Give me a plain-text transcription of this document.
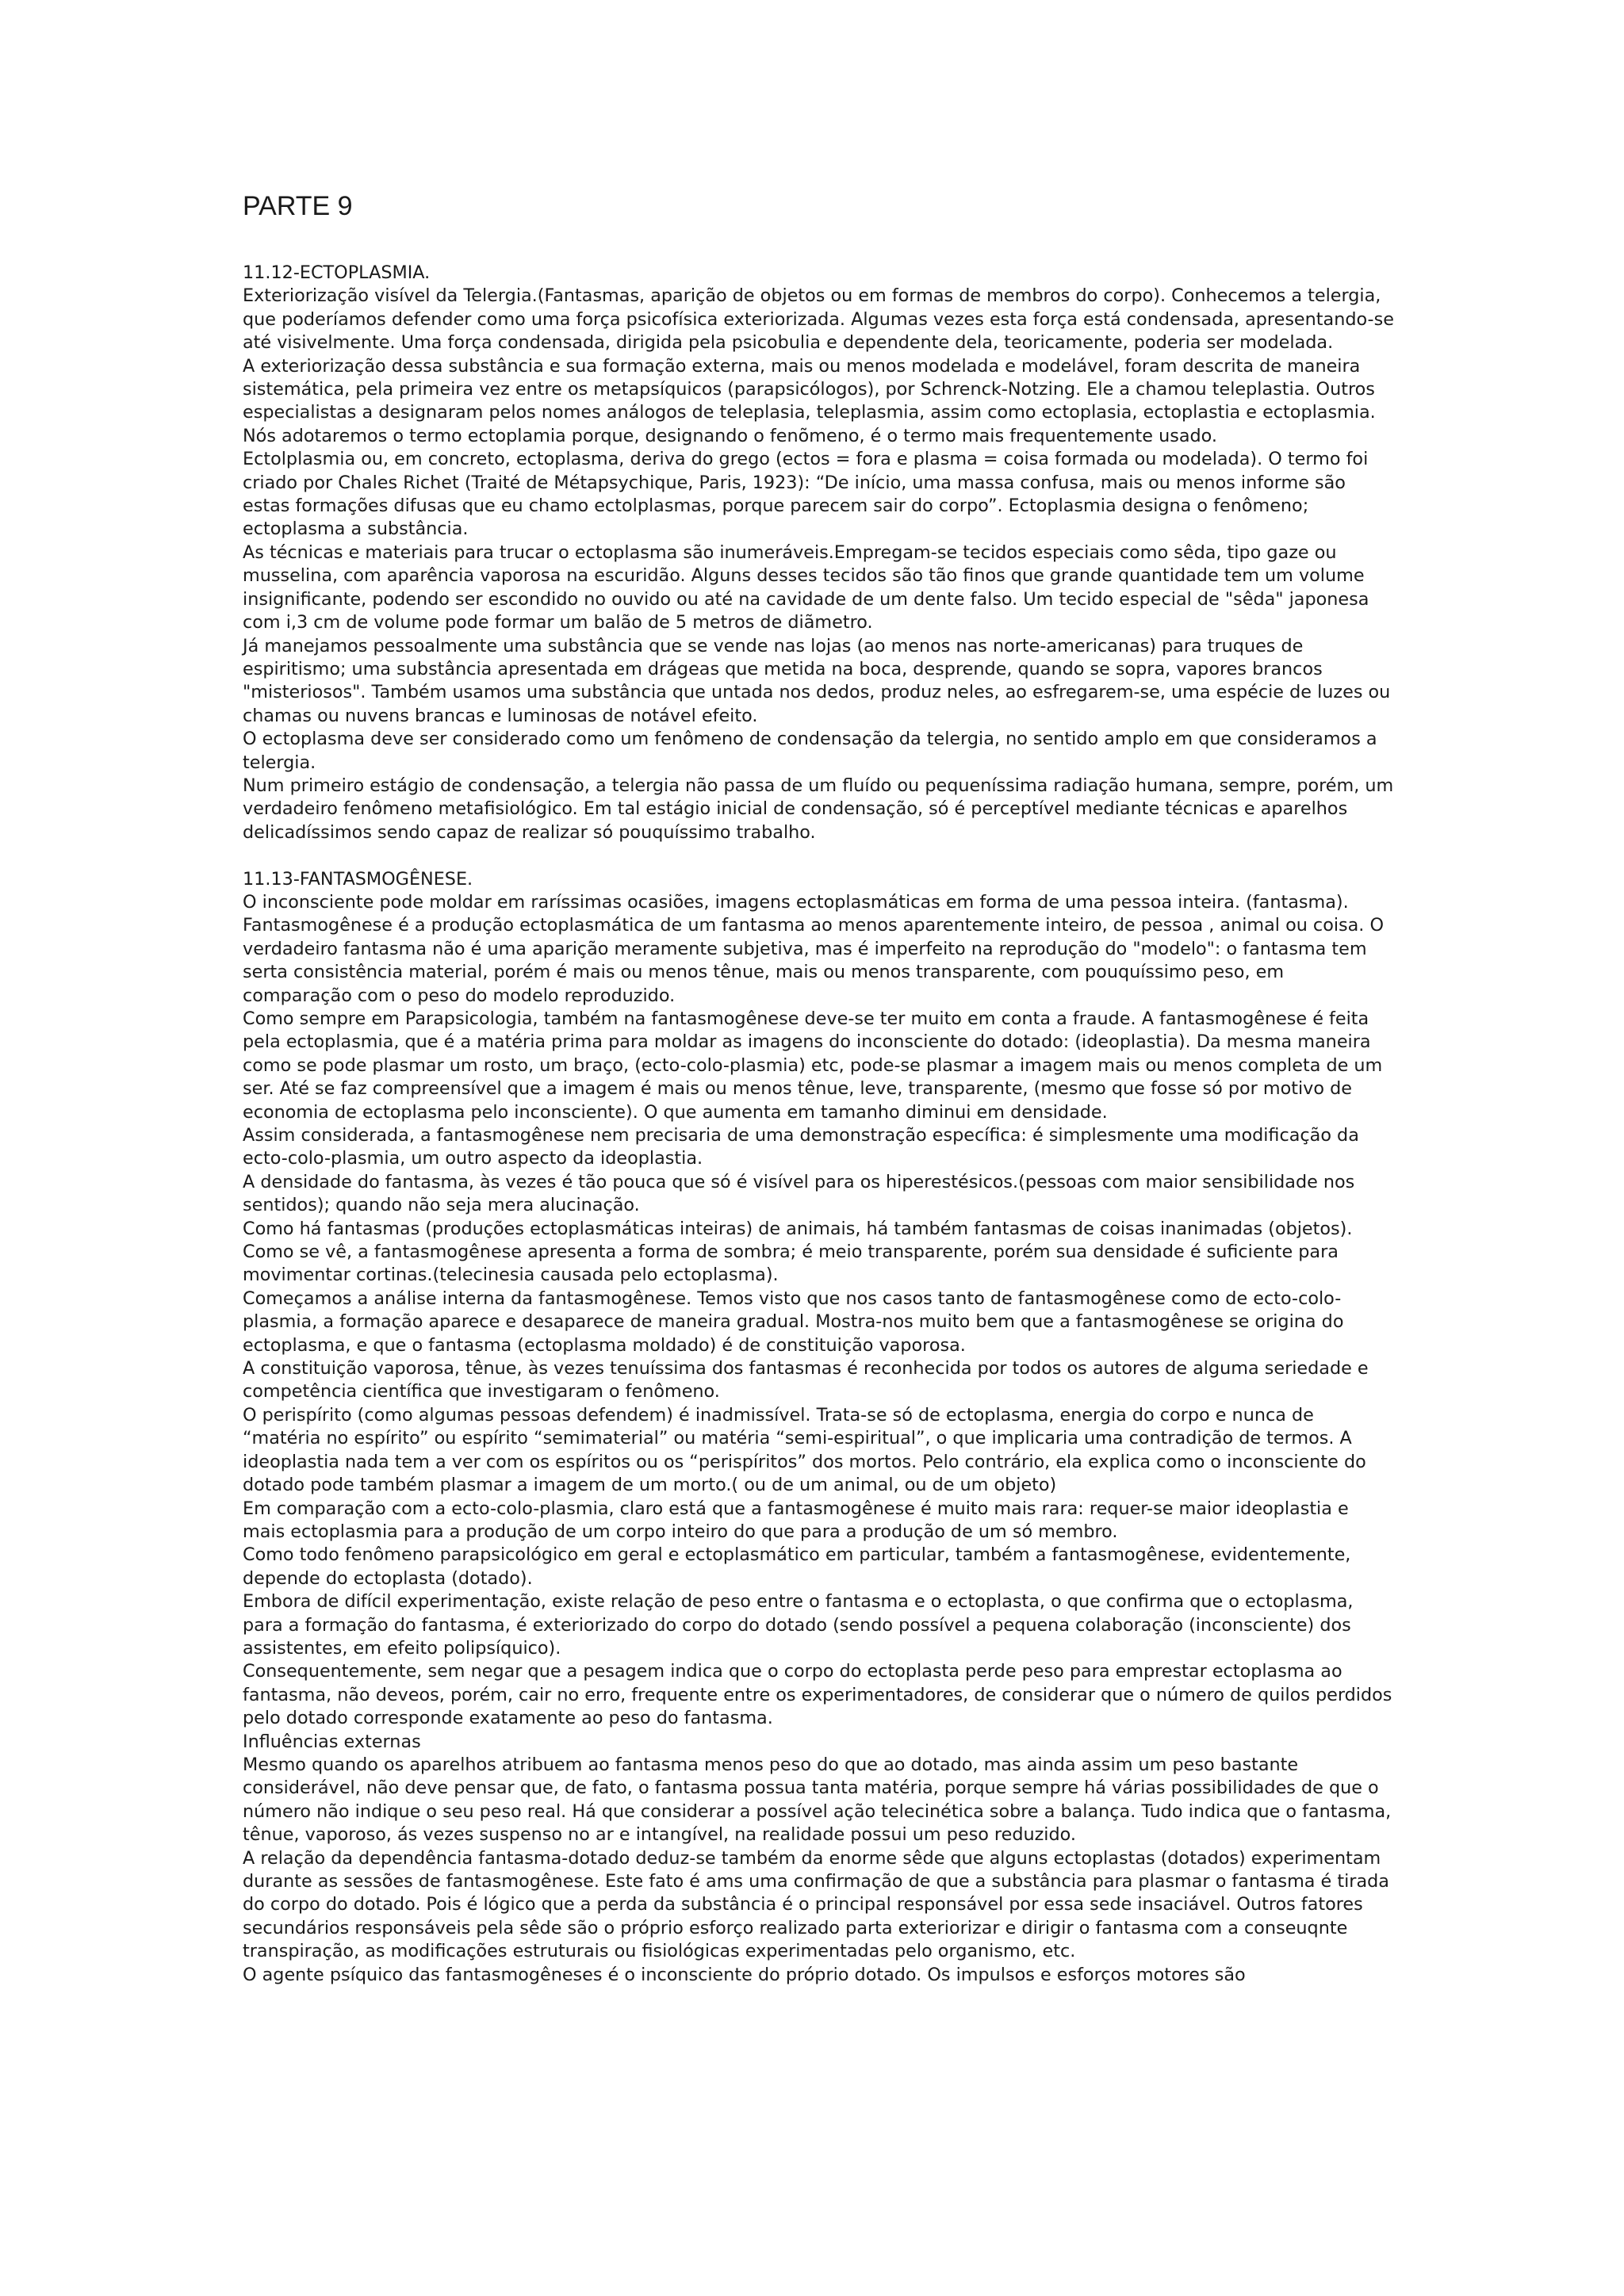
PARTE 9

11.12-ECTOPLASMIA.

Exteriorização visível da Telergia.(Fantasmas, aparição de objetos ou em formas de membros do corpo). Conhecemos a telergia, que poderíamos defender como uma força psicofísica exteriorizada. Algumas vezes esta força está condensada, apresentando-se até visivelmente. Uma força condensada, dirigida pela psicobulia e dependente dela, teoricamente, poderia ser modelada.

A exteriorização dessa substância e sua formação externa, mais ou menos modelada e modelável, foram descrita de maneira sistemática, pela primeira vez entre os metapsíquicos (parapsicólogos), por Schrenck-Notzing. Ele a chamou teleplastia. Outros especialistas a designaram pelos nomes análogos de teleplasia, teleplasmia, assim como ectoplasia, ectoplastia e ectoplasmia. Nós adotaremos o termo ectoplamia porque, designando o fenõmeno, é o termo mais frequentemente usado.

Ectolplasmia ou, em concreto, ectoplasma, deriva do grego (ectos = fora e plasma = coisa formada ou modelada). O termo foi criado por Chales Richet (Traité de Métapsychique, Paris, 1923): “De início, uma massa confusa, mais ou menos informe são estas formações difusas que eu chamo ectolplasmas, porque parecem sair do corpo”. Ectoplasmia designa o fenômeno; ectoplasma a substância.

As técnicas e materiais para trucar o ectoplasma são inumeráveis.Empregam-se tecidos especiais como sêda, tipo gaze ou musselina, com aparência vaporosa na escuridão. Alguns desses tecidos são tão finos que grande quantidade tem um volume insignificante, podendo ser escondido no ouvido ou até na cavidade de um dente falso. Um tecido especial de "sêda" japonesa com i,3 cm de volume pode formar um balão de 5 metros de diãmetro.

Já manejamos pessoalmente uma substância que se vende nas lojas (ao menos nas norte-americanas) para truques de espiritismo; uma substância apresentada em drágeas que metida na boca, desprende, quando se sopra, vapores brancos "misteriosos". Também usamos uma substância que untada nos dedos, produz neles, ao esfregarem-se, uma espécie de luzes ou chamas ou nuvens brancas e luminosas de notável efeito.

O ectoplasma deve ser considerado como um fenômeno de condensação da telergia, no sentido amplo em que consideramos a telergia.

Num primeiro estágio de condensação, a telergia não passa de um fluído ou pequeníssima radiação humana, sempre, porém, um verdadeiro fenômeno metafisiológico. Em tal estágio inicial de condensação, só é perceptível mediante técnicas e aparelhos delicadíssimos sendo capaz de realizar só pouquíssimo trabalho.

11.13-FANTASMOGÊNESE.

O inconsciente pode moldar em raríssimas ocasiões, imagens ectoplasmáticas em forma de uma pessoa inteira. (fantasma). Fantasmogênese é a produção ectoplasmática de um fantasma ao menos aparentemente inteiro, de pessoa , animal ou coisa. O verdadeiro fantasma não é uma aparição meramente subjetiva, mas é imperfeito na reprodução do "modelo": o fantasma tem serta consistência material, porém é mais ou menos tênue, mais ou menos transparente, com pouquíssimo peso, em comparação com o peso do modelo reproduzido.

Como sempre em Parapsicologia, também na fantasmogênese deve-se ter muito em conta a fraude. A fantasmogênese é feita pela ectoplasmia, que é a matéria prima para moldar as imagens do inconsciente do dotado: (ideoplastia). Da mesma maneira como se pode plasmar um rosto, um braço, (ecto-colo-plasmia) etc, pode-se plasmar a imagem mais ou menos completa de um ser. Até se faz compreensível que a imagem é mais ou menos tênue, leve, transparente, (mesmo que fosse só por motivo de economia de ectoplasma pelo inconsciente). O que aumenta em tamanho diminui em densidade.

Assim considerada, a fantasmogênese nem precisaria de uma demonstração específica: é simplesmente uma modificação da ecto-colo-plasmia, um outro aspecto da ideoplastia.

A densidade do fantasma, às vezes é tão pouca que só é visível para os hiperestésicos.(pessoas com maior sensibilidade nos sentidos); quando não seja mera alucinação.

Como há fantasmas (produções ectoplasmáticas inteiras) de animais, há também fantasmas de coisas inanimadas (objetos).

Como se vê, a fantasmogênese apresenta a forma de sombra; é meio transparente, porém sua densidade é suficiente para movimentar cortinas.(telecinesia causada pelo ectoplasma).

Começamos a análise interna da fantasmogênese. Temos visto que nos casos tanto de fantasmogênese como de ecto-colo-plasmia, a formação aparece e desaparece de maneira gradual. Mostra-nos muito bem que a fantasmogênese se origina do ectoplasma, e que o fantasma (ectoplasma moldado) é de constituição vaporosa.

A constituição vaporosa, tênue, às vezes tenuíssima dos fantasmas é reconhecida por todos os autores de alguma seriedade e competência científica que investigaram o fenômeno.

O perispírito (como algumas pessoas defendem) é inadmissível. Trata-se só de ectoplasma, energia do corpo e nunca de “matéria no espírito” ou espírito “semimaterial” ou matéria “semi-espiritual”, o que implicaria uma contradição de termos. A ideoplastia nada tem a ver com os espíritos ou os “perispíritos” dos mortos. Pelo contrário, ela explica como o inconsciente do dotado pode também plasmar a imagem de um morto.( ou de um animal, ou de um objeto)

Em comparação com a ecto-colo-plasmia, claro está que a fantasmogênese é muito mais rara: requer-se maior ideoplastia e mais ectoplasmia para a produção de um corpo inteiro do que para a produção de um só membro.

Como todo fenômeno parapsicológico em geral e ectoplasmático em particular, também a fantasmogênese, evidentemente, depende do ectoplasta (dotado).

Embora de difícil experimentação, existe relação de peso entre o fantasma e o ectoplasta, o que confirma que o ectoplasma, para a formação do fantasma, é exteriorizado do corpo do dotado (sendo possível a pequena colaboração (inconsciente) dos assistentes, em efeito polipsíquico).

Consequentemente, sem negar que a pesagem indica que o corpo do ectoplasta perde peso para emprestar ectoplasma ao fantasma, não deveos, porém, cair no erro, frequente entre os experimentadores, de considerar que o número de quilos perdidos pelo dotado corresponde exatamente ao peso do fantasma.

Influências externas

Mesmo quando os aparelhos atribuem ao fantasma menos peso do que ao dotado, mas ainda assim um peso bastante considerável, não deve pensar que, de fato, o fantasma possua tanta matéria, porque sempre há várias possibilidades de que o número não indique o seu peso real. Há que considerar a possível ação telecinética sobre a balança. Tudo indica que o fantasma, tênue, vaporoso, ás vezes suspenso no ar e intangível, na realidade possui um peso reduzido.

A relação da dependência fantasma-dotado deduz-se também da enorme sêde que alguns ectoplastas (dotados) experimentam durante as sessões de fantasmogênese. Este fato é ams uma confirmação de que a substância para plasmar o fantasma é tirada do corpo do dotado. Pois é lógico que a perda da substância é o principal responsável por essa sede insaciável. Outros fatores secundários responsáveis pela sêde são o próprio esforço realizado parta exteriorizar e dirigir o fantasma com a conseuqnte transpiração, as modificações estruturais ou fisiológicas experimentadas pelo organismo, etc.

O agente psíquico das fantasmogêneses é o inconsciente do próprio dotado. Os impulsos e esforços motores são
